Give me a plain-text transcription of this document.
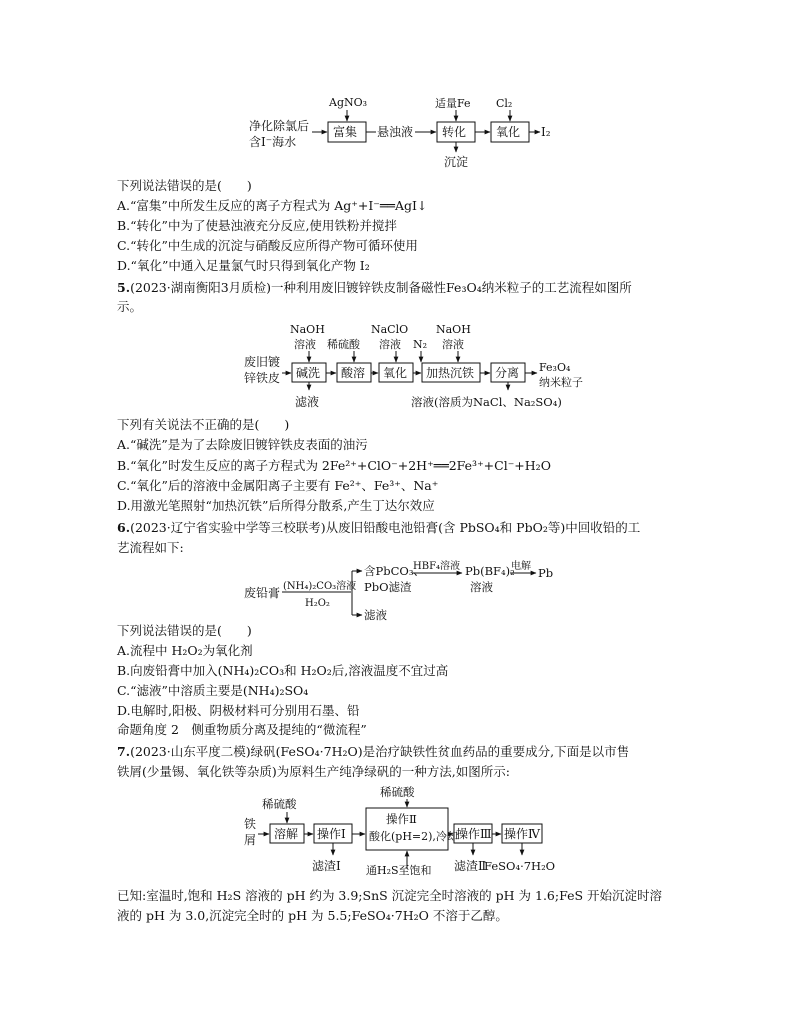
净化除氯后
含I⁻海水
富集
AgNO₃
悬浊液 转化
适量Fe
沉淀
氧化
Cl₂
I₂
下列说法错误的是(　　)
A.“富集”中所发生反应的离子方程式为 Ag⁺+I⁻══AgI↓
B.“转化”中为了使悬浊液充分反应,使用铁粉并搅拌
C.“转化”中生成的沉淀与硝酸反应所得产物可循环使用
D.“氧化”中通入足量氯气时只得到氧化产物 I₂
5.(2023·湖南衡阳3月质检)一种利用废旧镀锌铁皮制备磁性Fe₃O₄纳米粒子的工艺流程如图所
示。
废旧镀
锌铁皮 碱洗
NaOH
溶液
滤液
酸溶
稀硫酸
氧化
NaClO
溶液
加热沉铁
N₂
NaOH
溶液
分离 Fe₃O₄
纳米粒子
溶液(溶质为NaCl、Na₂SO₄)
下列有关说法不正确的是(　　)
A.“碱洗”是为了去除废旧镀锌铁皮表面的油污
B.“氧化”时发生反应的离子方程式为 2Fe²⁺+ClO⁻+2H⁺══2Fe³⁺+Cl⁻+H₂O
C.“氧化”后的溶液中金属阳离子主要有 Fe²⁺、Fe³⁺、Na⁺
D.用激光笔照射“加热沉铁”后所得分散系,产生丁达尔效应
6.(2023·辽宁省实验中学等三校联考)从废旧铅酸电池铅膏(含 PbSO₄和 PbO₂等)中回收铅的工
艺流程如下:
废铅膏 (NH₄)₂CO₃溶液
H₂O₂
含PbCO₃、
PbO滤渣
滤液
HBF₄溶液 Pb(BF₄)₂
溶液
电解 Pb
下列说法错误的是(　　)
A.流程中 H₂O₂为氧化剂
B.向废铅膏中加入(NH₄)₂CO₃和 H₂O₂后,溶液温度不宜过高
C.“滤液”中溶质主要是(NH₄)₂SO₄
D.电解时,阳极、阴极材料可分别用石墨、铅
命题角度 2　侧重物质分离及提纯的“微流程”
7.(2023·山东平度二模)绿矾(FeSO₄·7H₂O)是治疗缺铁性贫血药品的重要成分,下面是以市售
铁屑(少量锡、氧化铁等杂质)为原料生产纯净绿矾的一种方法,如图所示:
铁
屑 溶解
稀硫酸
操作Ⅰ
滤渣Ⅰ
操作Ⅱ
酸化(pH=2),冷却
稀硫酸
通H₂S至饱和
操作Ⅲ
滤渣Ⅱ
操作Ⅳ
FeSO₄·7H₂O
已知:室温时,饱和 H₂S 溶液的 pH 约为 3.9;SnS 沉淀完全时溶液的 pH 为 1.6;FeS 开始沉淀时溶
液的 pH 为 3.0,沉淀完全时的 pH 为 5.5;FeSO₄·7H₂O 不溶于乙醇。
